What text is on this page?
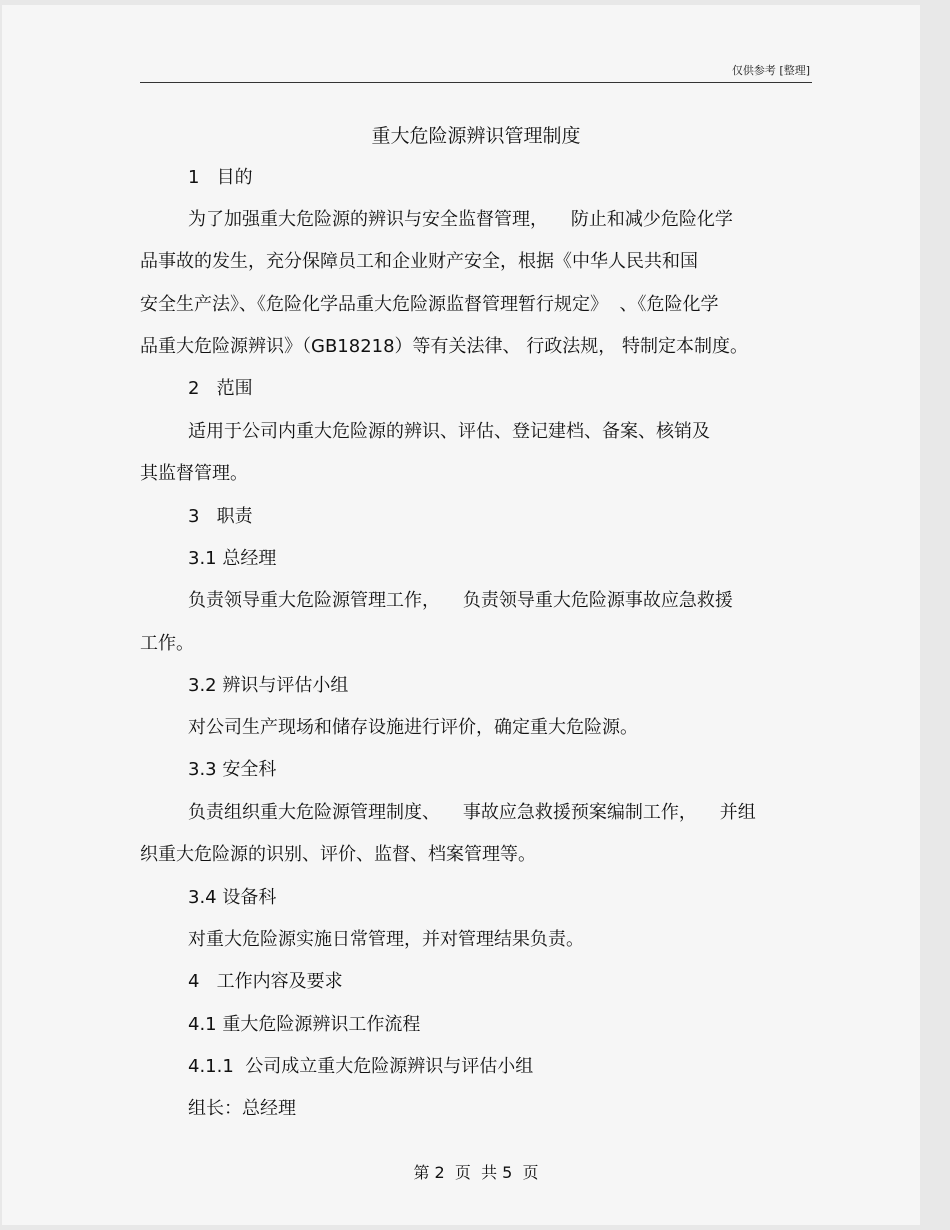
仅供参考 [整理]
重大危险源辨识管理制度
1   目的
为了加强重大危险源的辨识与安全监督管理，    防止和减少危险化学
品事故的发生，充分保障员工和企业财产安全，根据《中华人民共和国
安全生产法》、《危险化学品重大危险源监督管理暂行规定》  、《危险化学
品重大危险源辨识》（GB18218）等有关法律、 行政法规， 特制定本制度。
2   范围
适用于公司内重大危险源的辨识、评估、登记建档、备案、核销及
其监督管理。
3   职责
3.1 总经理
负责领导重大危险源管理工作，    负责领导重大危险源事故应急救援
工作。
3.2 辨识与评估小组
对公司生产现场和储存设施进行评价，确定重大危险源。
3.3 安全科
负责组织重大危险源管理制度、    事故应急救援预案编制工作，    并组
织重大危险源的识别、评价、监督、档案管理等。
3.4 设备科
对重大危险源实施日常管理，并对管理结果负责。
4   工作内容及要求
4.1 重大危险源辨识工作流程
4.1.1  公司成立重大危险源辨识与评估小组
组长：总经理
第 2  页  共 5  页
